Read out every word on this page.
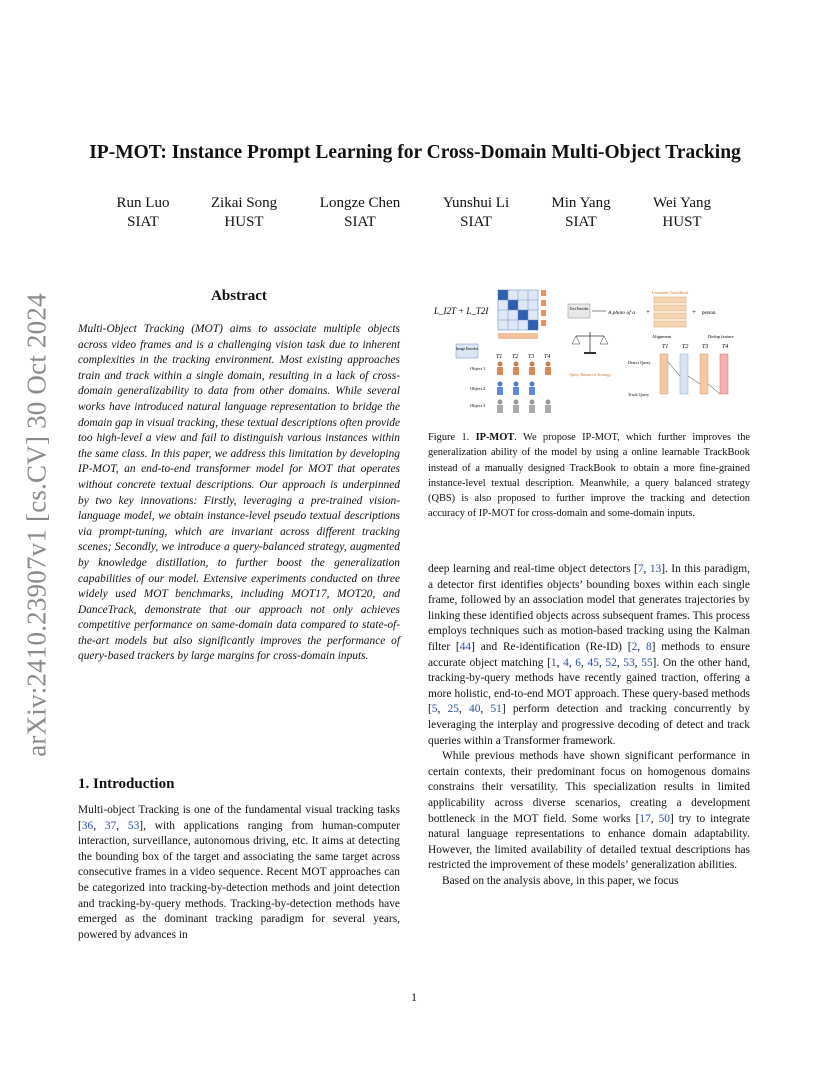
arXiv:2410.23907v1 [cs.CV] 30 Oct 2024
IP-MOT: Instance Prompt Learning for Cross-Domain Multi-Object Tracking
Run Luo
SIAT
Zikai Song
HUST
Longze Chen
SIAT
Yunshui Li
SIAT
Min Yang
SIAT
Wei Yang
HUST
Abstract

Multi-Object Tracking (MOT) aims to associate multiple objects across video frames and is a challenging vision task due to inherent complexities in the tracking environment. Most existing approaches train and track within a single domain, resulting in a lack of cross-domain generalizability to data from other domains. While several works have introduced natural language representation to bridge the domain gap in visual tracking, these textual descriptions often provide too high-level a view and fail to distinguish various instances within the same class. In this paper, we address this limitation by developing IP-MOT, an end-to-end transformer model for MOT that operates without concrete textual descriptions. Our approach is underpinned by two key innovations: Firstly, leveraging a pre-trained vision-language model, we obtain instance-level pseudo textual descriptions via prompt-tuning, which are invariant across different tracking scenes; Secondly, we introduce a query-balanced strategy, augmented by knowledge distillation, to further boost the generalization capabilities of our model. Extensive experiments conducted on three widely used MOT benchmarks, including MOT17, MOT20, and DanceTrack, demonstrate that our approach not only achieves competitive performance on same-domain data compared to state-of-the-art models but also significantly improves the performance of query-based trackers by large margins for cross-domain inputs.

1. Introduction

Multi-object Tracking is one of the fundamental visual tracking tasks [36, 37, 53], with applications ranging from human-computer interaction, surveillance, autonomous driving, etc. It aims at detecting the bounding box of the target and associating the same target across consecutive frames in a video sequence. Recent MOT approaches can be categorized into tracking-by-detection methods and joint detection and tracking-by-query methods. Tracking-by-detection methods have emerged as the dominant tracking paradigm for several years, powered by advances in

L_I2T + L_T2I	Text Encoder
A photo of a +
Learnable TrackBook
+ person.
Image Encoder
T1 T2 T3 T4
Object 1
Object 2
Object 3
Query Balanced Strategy
Alignment	Dedup feature
T1 T2 T3 T4
Detect Query
Track Query

Figure 1. IP-MOT. We propose IP-MOT, which further improves the generalization ability of the model by using a online learnable TrackBook instead of a manually designed TrackBook to obtain a more fine-grained instance-level textual description. Meanwhile, a query balanced strategy (QBS) is also proposed to further improve the tracking and detection accuracy of IP-MOT for cross-domain and some-domain inputs.

deep learning and real-time object detectors [7, 13]. In this paradigm, a detector first identifies objects’ bounding boxes within each single frame, followed by an association model that generates trajectories by linking these identified objects across subsequent frames. This process employs techniques such as motion-based tracking using the Kalman filter [44] and Re-identification (Re-ID) [2, 8] methods to ensure accurate object matching [1, 4, 6, 45, 52, 53, 55]. On the other hand, tracking-by-query methods have recently gained traction, offering a more holistic, end-to-end MOT approach. These query-based methods [5, 25, 40, 51] perform detection and tracking concurrently by leveraging the interplay and progressive decoding of detect and track queries within a Transformer framework.

While previous methods have shown significant performance in certain contexts, their predominant focus on homogenous domains constrains their versatility. This specialization results in limited applicability across diverse scenarios, creating a development bottleneck in the MOT field. Some works [17, 50] try to integrate natural language representations to enhance domain adaptability. However, the limited availability of detailed textual descriptions has restricted the improvement of these models’ generalization abilities.

Based on the analysis above, in this paper, we focus

1
